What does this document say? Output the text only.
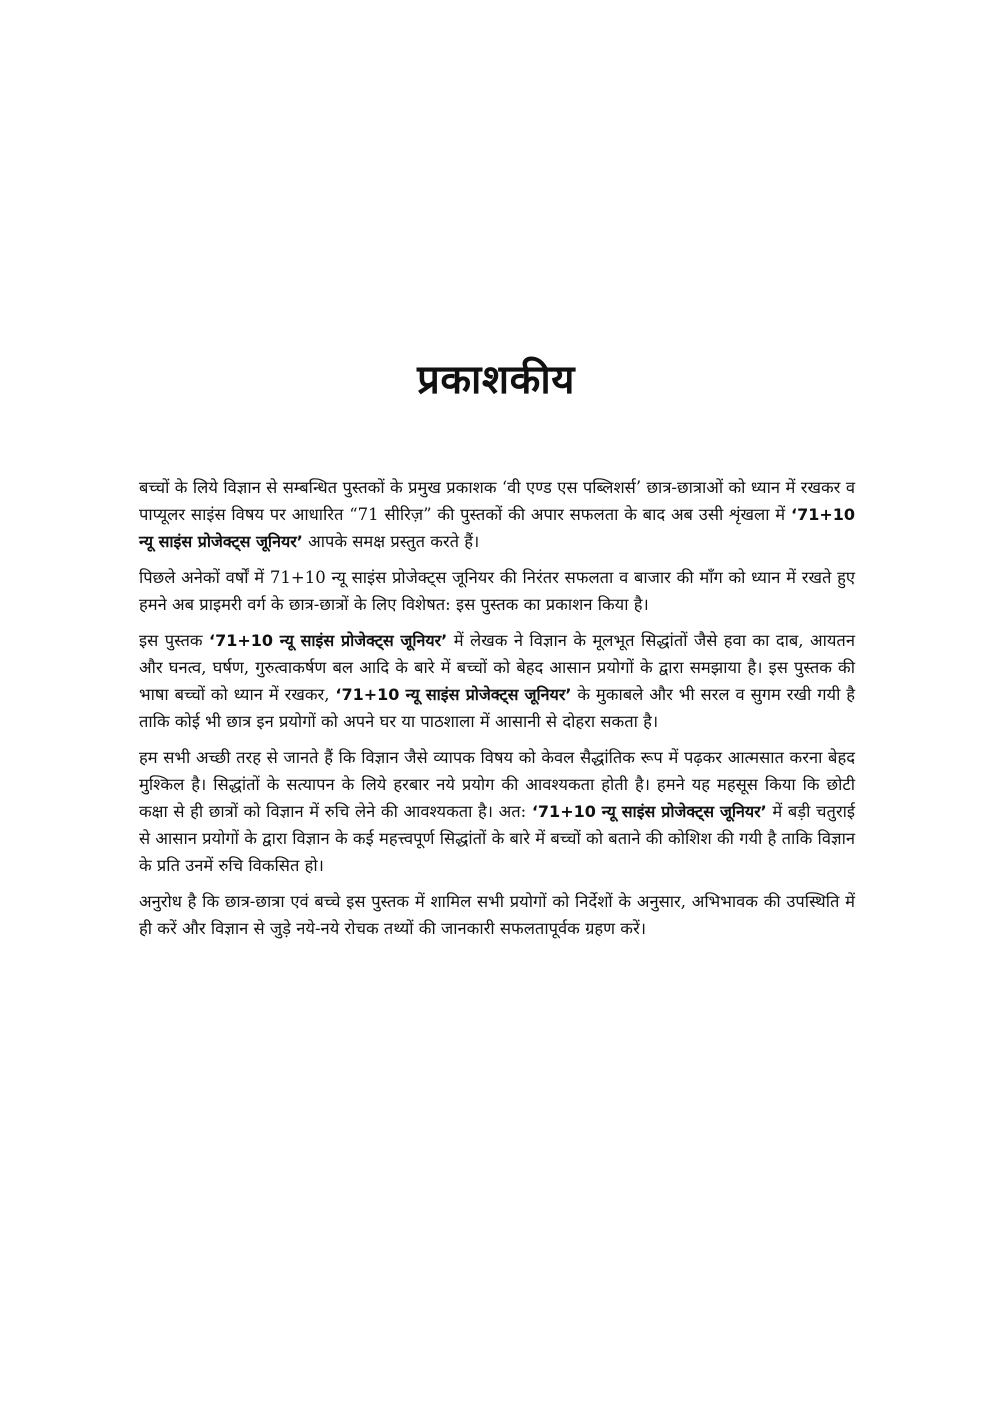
प्रकाशकीय

बच्चों के लिये विज्ञान से सम्बन्धित पुस्तकों के प्रमुख प्रकाशक ‘वी एण्ड एस पब्लिशर्स’ छात्र-छात्राओं को ध्यान में रखकर व पाप्यूलर साइंस विषय पर आधारित “71 सीरिज़” की पुस्तकों की अपार सफलता के बाद अब उसी शृंखला में ‘71+10 न्यू साइंस प्रोजेक्ट्स जूनियर’ आपके समक्ष प्रस्तुत करते हैं।

पिछले अनेकों वर्षों में 71+10 न्यू साइंस प्रोजेक्ट्स जूनियर की निरंतर सफलता व बाजार की माँग को ध्यान में रखते हुए हमने अब प्राइमरी वर्ग के छात्र-छात्रों के लिए विशेषत: इस पुस्तक का प्रकाशन किया है।

इस पुस्तक ‘71+10 न्यू साइंस प्रोजेक्ट्स जूनियर’ में लेखक ने विज्ञान के मूलभूत सिद्धांतों जैसे हवा का दाब, आयतन और घनत्व, घर्षण, गुरुत्वाकर्षण बल आदि के बारे में बच्चों को बेहद आसान प्रयोगों के द्वारा समझाया है। इस पुस्तक की भाषा बच्चों को ध्यान में रखकर, ‘71+10 न्यू साइंस प्रोजेक्ट्स जूनियर’ के मुकाबले और भी सरल व सुगम रखी गयी है ताकि कोई भी छात्र इन प्रयोगों को अपने घर या पाठशाला में आसानी से दोहरा सकता है।

हम सभी अच्छी तरह से जानते हैं कि विज्ञान जैसे व्यापक विषय को केवल सैद्धांतिक रूप में पढ़कर आत्मसात करना बेहद मुश्किल है। सिद्धांतों के सत्यापन के लिये हरबार नये प्रयोग की आवश्यकता होती है। हमने यह महसूस किया कि छोटी कक्षा से ही छात्रों को विज्ञान में रुचि लेने की आवश्यकता है। अत: ‘71+10 न्यू साइंस प्रोजेक्ट्स जूनियर’ में बड़ी चतुराई से आसान प्रयोगों के द्वारा विज्ञान के कई महत्त्वपूर्ण सिद्धांतों के बारे में बच्चों को बताने की कोशिश की गयी है ताकि विज्ञान के प्रति उनमें रुचि विकसित हो।

अनुरोध है कि छात्र-छात्रा एवं बच्चे इस पुस्तक में शामिल सभी प्रयोगों को निर्देशों के अनुसार, अभिभावक की उपस्थिति में ही करें और विज्ञान से जुड़े नये-नये रोचक तथ्यों की जानकारी सफलतापूर्वक ग्रहण करें।
